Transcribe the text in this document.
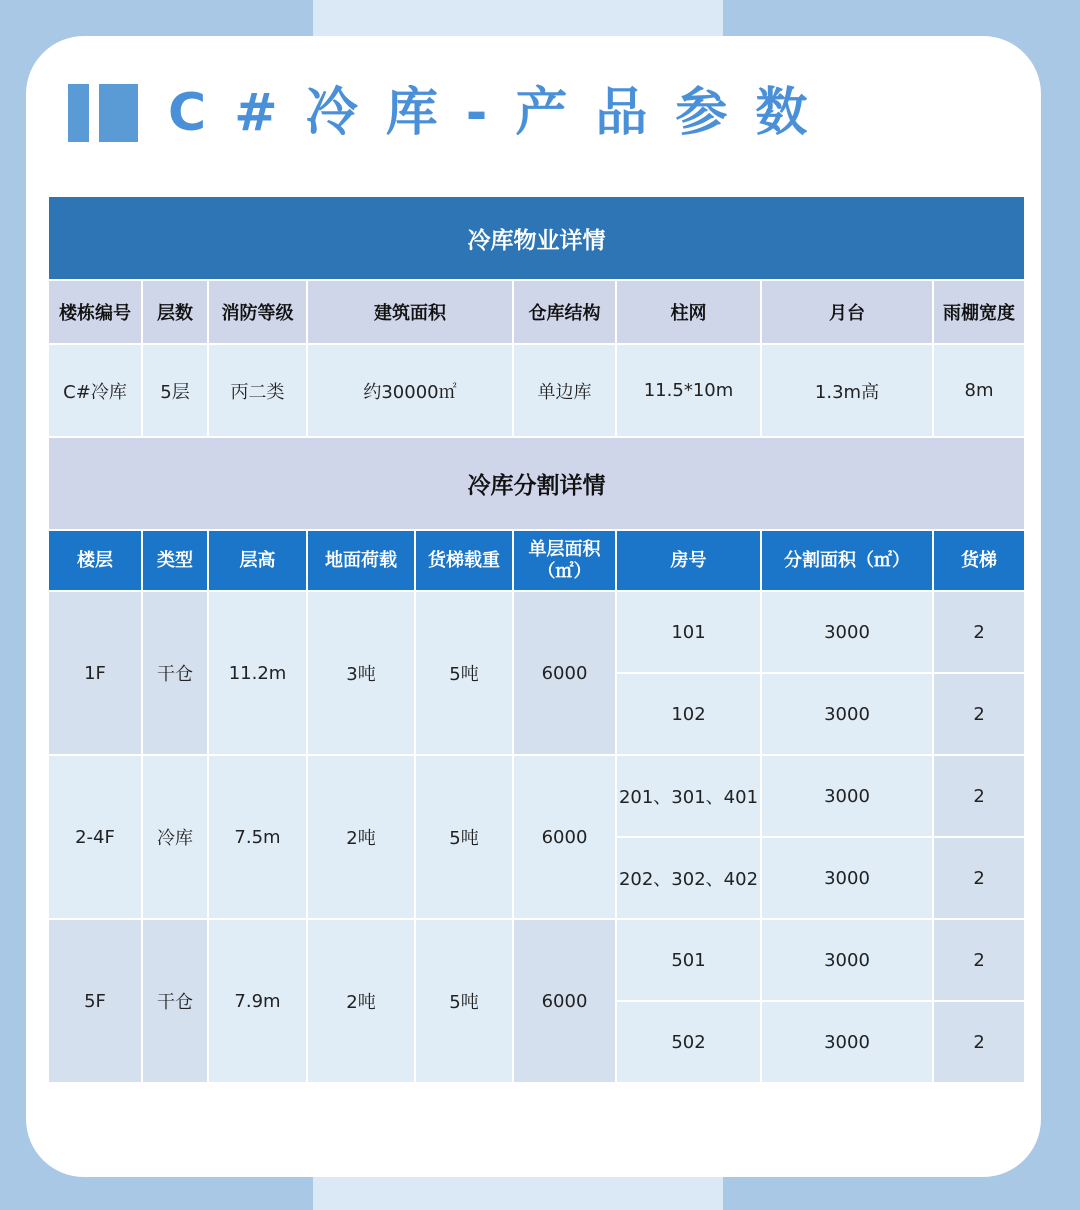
C#冷库-产品参数
冷库物业详情								
楼栋编号	层数	消防等级	建筑面积		仓库结构	柱网	月台	雨棚宽度
C#冷库	5层	丙二类	约30000㎡		单边库	11.5*10m	1.3m高	8m
冷库分割详情								
楼层	类型	层高	地面荷载	货梯载重	单层面积（㎡）	房号	分割面积（㎡）	货梯
1F	干仓	11.2m	3吨	5吨	6000	101	3000	2
						102	3000	2
2-4F	冷库	7.5m	2吨	5吨	6000	201、301、401	3000	2
						202、302、402	3000	2
5F	干仓	7.9m	2吨	5吨	6000	501	3000	2
						502	3000	2
